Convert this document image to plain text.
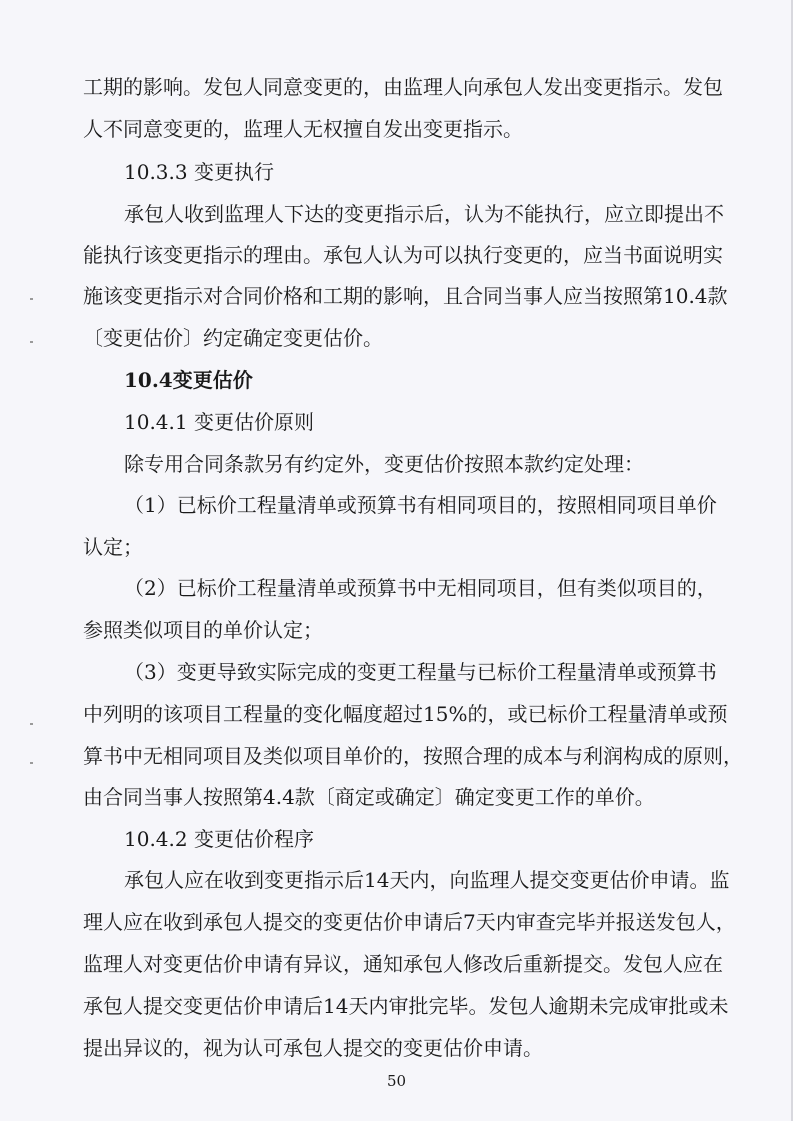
工期的影响。发包人同意变更的，由监理人向承包人发出变更指示。发包

人不同意变更的，监理人无权擅自发出变更指示。

10.3.3 变更执行

承包人收到监理人下达的变更指示后，认为不能执行，应立即提出不

能执行该变更指示的理由。承包人认为可以执行变更的，应当书面说明实

施该变更指示对合同价格和工期的影响，且合同当事人应当按照第10.4款

〔变更估价〕约定确定变更估价。

10.4变更估价

10.4.1 变更估价原则

除专用合同条款另有约定外，变更估价按照本款约定处理：

（1）已标价工程量清单或预算书有相同项目的，按照相同项目单价

认定；

（2）已标价工程量清单或预算书中无相同项目，但有类似项目的，

参照类似项目的单价认定；

（3）变更导致实际完成的变更工程量与已标价工程量清单或预算书

中列明的该项目工程量的变化幅度超过15%的，或已标价工程量清单或预

算书中无相同项目及类似项目单价的，按照合理的成本与利润构成的原则，

由合同当事人按照第4.4款〔商定或确定〕确定变更工作的单价。

10.4.2 变更估价程序

承包人应在收到变更指示后14天内，向监理人提交变更估价申请。监

理人应在收到承包人提交的变更估价申请后7天内审查完毕并报送发包人，

监理人对变更估价申请有异议，通知承包人修改后重新提交。发包人应在

承包人提交变更估价申请后14天内审批完毕。发包人逾期未完成审批或未

提出异议的，视为认可承包人提交的变更估价申请。

50
